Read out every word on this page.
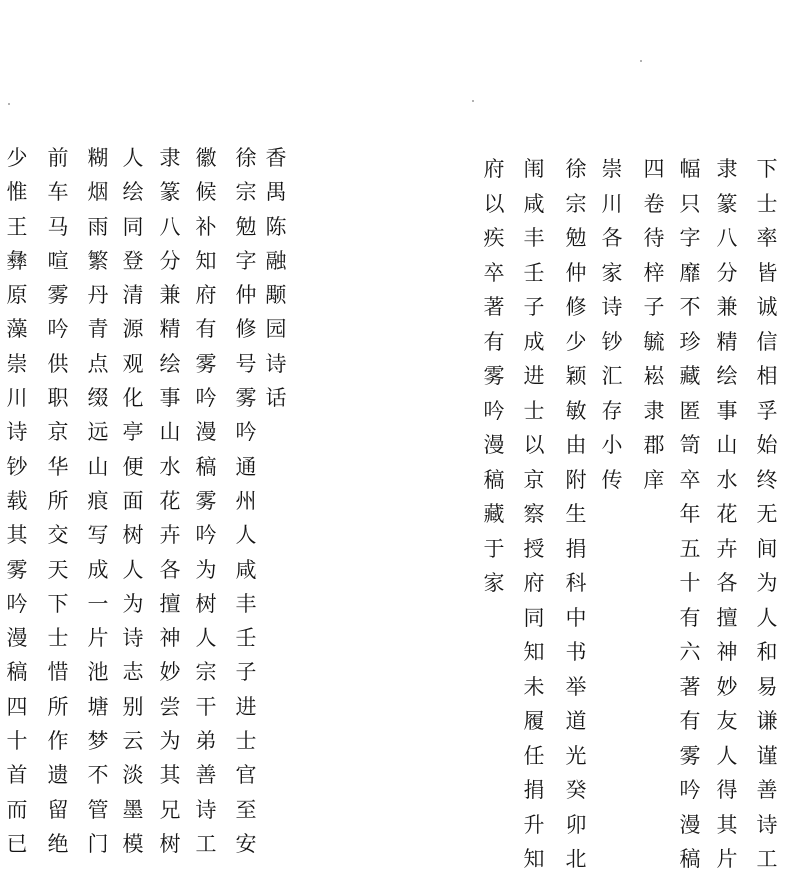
下
士
率
皆
诚
信
相
孚
始
终
无
间
为
人
和
易
谦
谨
善
诗
工
隶
篆
八
分
兼
精
绘
事
山
水
花
卉
各
擅
神
妙
友
人
得
其
片
幅
只
字
靡
不
珍
藏
匿
笥
卒
年
五
十
有
六
著
有
雾
吟
漫
稿
四
卷
待
梓
子
毓
崧
隶
郡
庠
崇
川
各
家
诗
钞
汇
存
小
传
徐
宗
勉
仲
修
少
颖
敏
由
附
生
捐
科
中
书
举
道
光
癸
卯
北
闱
咸
丰
壬
子
成
进
士
以
京
察
授
府
同
知
未
履
任
捐
升
知
府
以
疾
卒
著
有
雾
吟
漫
稿
藏
于
家
香
禺
陈
融
颙
园
诗
话
徐
宗
勉
字
仲
修
号
雾
吟
通
州
人
咸
丰
壬
子
进
士
官
至
安
徽
候
补
知
府
有
雾
吟
漫
稿
雾
吟
为
树
人
宗
干
弟
善
诗
工
隶
篆
八
分
兼
精
绘
事
山
水
花
卉
各
擅
神
妙
尝
为
其
兄
树
人
绘
同
登
清
源
观
化
亭
便
面
树
人
为
诗
志
别
云
淡
墨
模
糊
烟
雨
繁
丹
青
点
缀
远
山
痕
写
成
一
片
池
塘
梦
不
管
门
前
车
马
喧
雾
吟
供
职
京
华
所
交
天
下
士
惜
所
作
遗
留
绝
少
惟
王
彝
原
藻
崇
川
诗
钞
载
其
雾
吟
漫
稿
四
十
首
而
已
